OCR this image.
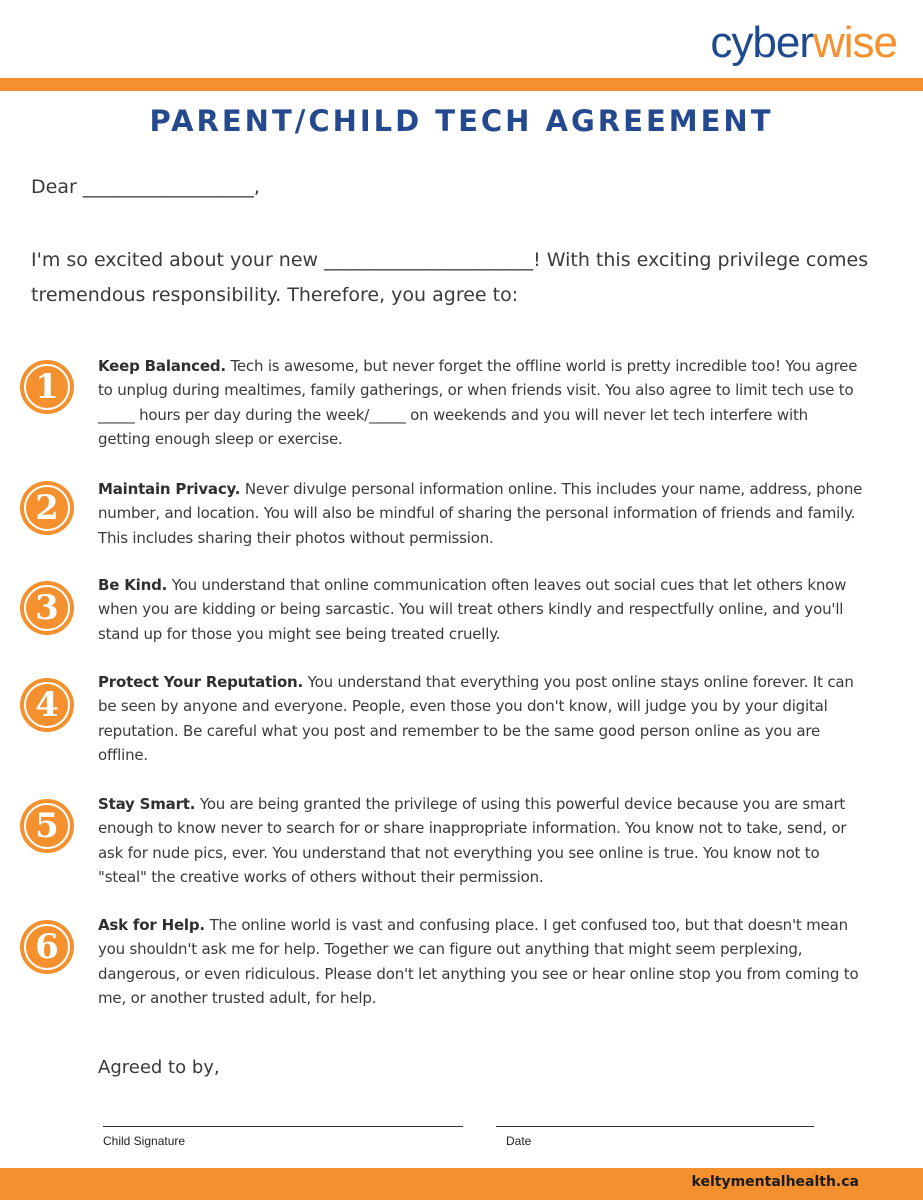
cyberwise
PARENT/CHILD TECH AGREEMENT

Dear __________________,

I'm so excited about your new ______________________! With this exciting privilege comes tremendous responsibility. Therefore, you agree to:

1

Keep Balanced. Tech is awesome, but never forget the offline world is pretty incredible too! You agree to unplug during mealtimes, family gatherings, or when friends visit. You also agree to limit tech use to _____ hours per day during the week/_____ on weekends and you will never let tech interfere with getting enough sleep or exercise.

2	Maintain Privacy. Never divulge personal information online. This includes your name, address, phone number, and location. You will also be mindful of sharing the personal information of friends and family. This includes sharing their photos without permission.

3

Be Kind. You understand that online communication often leaves out social cues that let others know when you are kidding or being sarcastic. You will treat others kindly and respectfully online, and you'll stand up for those you might see being treated cruelly.

4

Protect Your Reputation. You understand that everything you post online stays online forever. It can be seen by anyone and everyone. People, even those you don't know, will judge you by your digital reputation. Be careful what you post and remember to be the same good person online as you are offline.

5

Stay Smart. You are being granted the privilege of using this powerful device because you are smart enough to know never to search for or share inappropriate information. You know not to take, send, or ask for nude pics, ever. You understand that not everything you see online is true. You know not to "steal" the creative works of others without their permission.

6

Ask for Help. The online world is vast and confusing place. I get confused too, but that doesn't mean you shouldn't ask me for help. Together we can figure out anything that might seem perplexing, dangerous, or even ridiculous. Please don't let anything you see or hear online stop you from coming to me, or another trusted adult, for help.

Agreed to by,

Child Signature	Date
keltymentalhealth.ca
